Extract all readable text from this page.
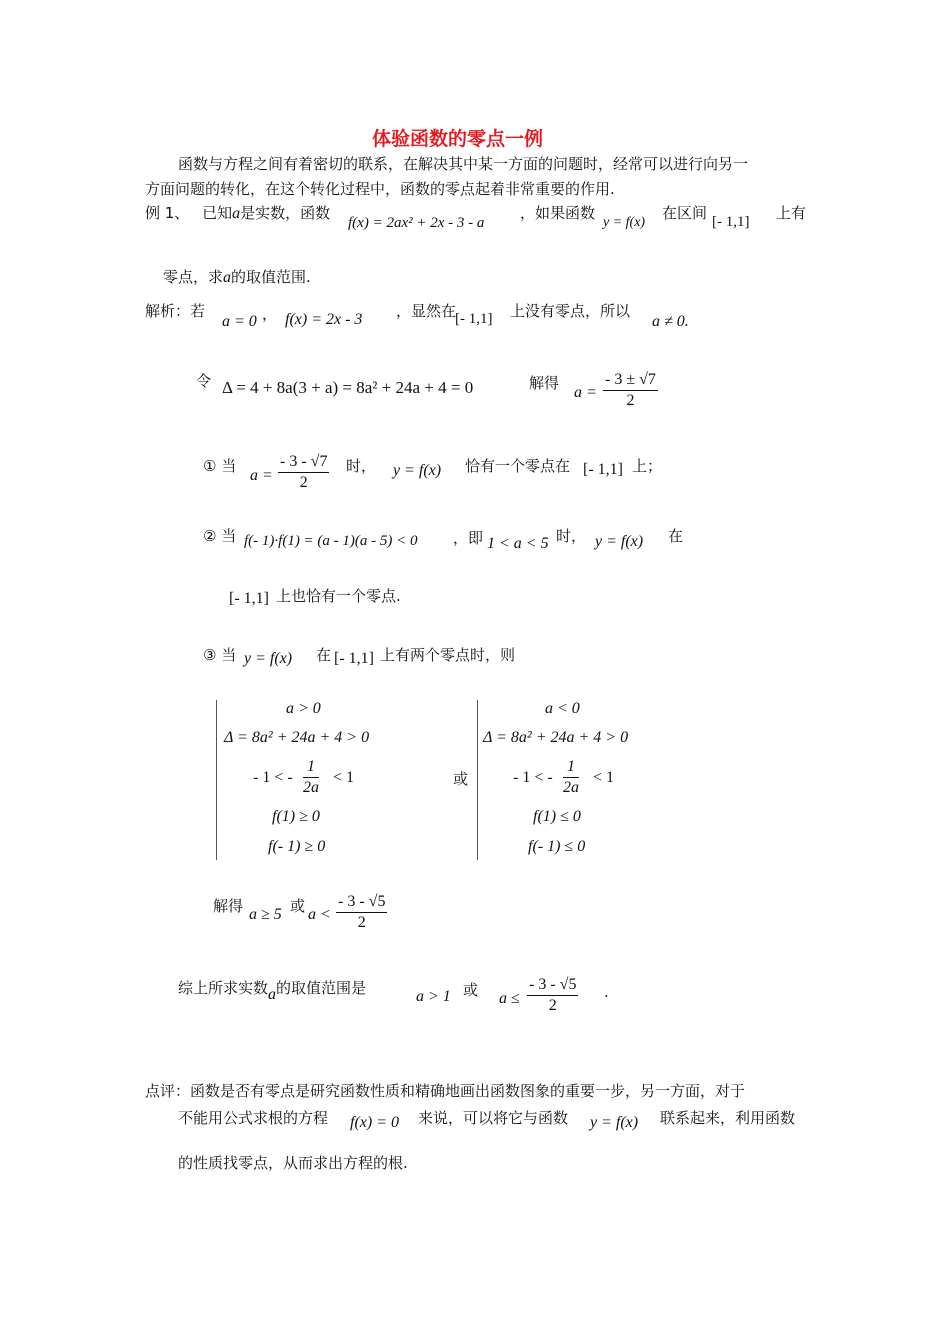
体验函数的零点一例
函数与方程之间有着密切的联系，在解决其中某一方面的问题时，经常可以进行向另一
方面问题的转化，在这个转化过程中，函数的零点起着非常重要的作用.
例 1、 已知a是实数，函数
f(x) = 2ax² + 2x - 3 - a
，如果函数
y = f(x)
在区间 [- 1,1] 上有
零点，求a的取值范围.
解析：若
a = 0 ， f(x) = 2x - 3 ，显然在
[- 1,1] 上没有零点，所以
a ≠ 0.
令 Δ = 4 + 8a(3 + a) = 8a² + 24a + 4 = 0	解得
$a = \frac{- 3 \pm √7}{2}$
① 当
$a = \frac{- 3 - √7}{2}$ 时， y = f(x) 恰有一个零点在 [- 1,1] 上；
② 当 f(- 1)·f(1) = (a - 1)(a - 5) < 0 ，即 1 < a < 5 时， y = f(x) 在
[- 1,1] 上也恰有一个零点.
③ 当 y = f(x) 在 [- 1,1] 上有两个零点时，则
a > 0
Δ = 8a² + 24a + 4 > 0
- 1 < - $\frac{1}{2a} < 1$
f(1) ≥ 0
f(- 1) ≥ 0
或
a < 0
Δ = 8a² + 24a + 4 > 0
- 1 < - $\frac{1}{2a} < 1$
f(1) ≤ 0
f(- 1) ≤ 0
解得 a ≥ 5 或 $a < \frac{- 3 - √5}{2}$
综上所求实数a的取值范围是	a > 1 或 $a \le \frac{- 3 - √5}{2}$ .
点评：函数是否有零点是研究函数性质和精确地画出函数图象的重要一步，另一方面，对于
不能用公式求根的方程 f(x) = 0 来说，可以将它与函数 y = f(x) 联系起来，利用函数
的性质找零点，从而求出方程的根.
